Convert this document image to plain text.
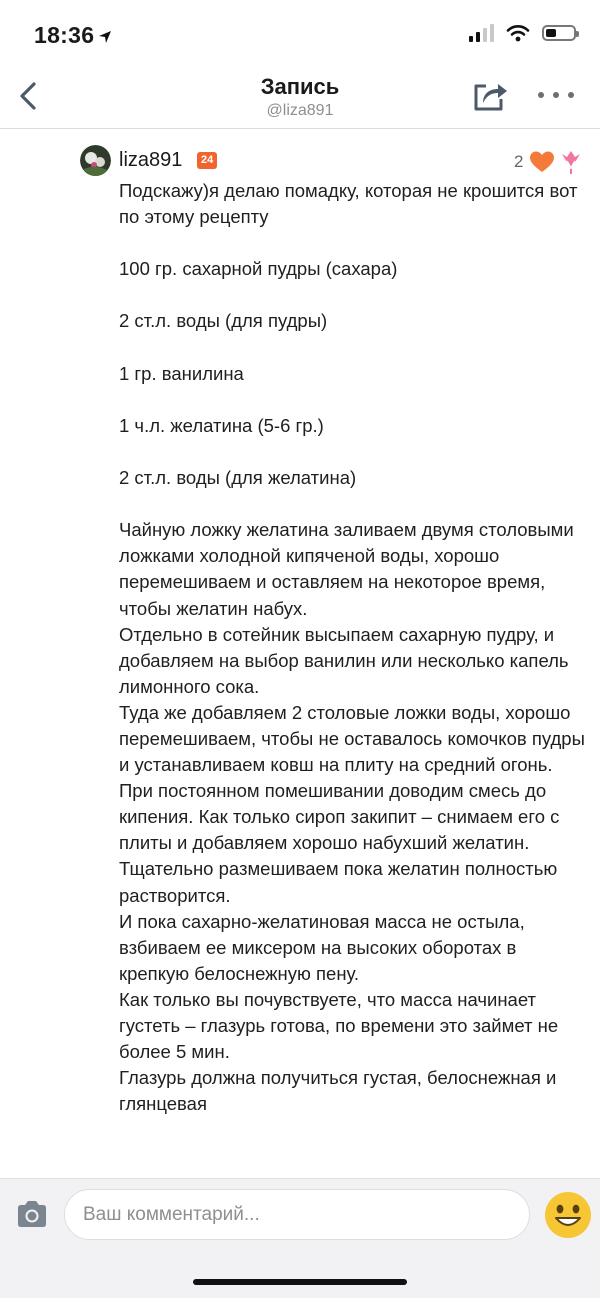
18:36
Запись
@liza891
liza891	24	2

Подскажу)я делаю помадку, которая не крошится вот по этому рецепту

100 гр. сахарной пудры (сахара)

2 ст.л. воды (для пудры)

1 гр. ванилина

1 ч.л. желатина (5-6 гр.)

2 ст.л. воды (для желатина)

Чайную ложку желатина заливаем двумя столовыми ложками холодной кипяченой воды, хорошо перемешиваем и оставляем на некоторое время, чтобы желатин набух.

Отдельно в сотейник высыпаем сахарную пудру, и добавляем на выбор ванилин или несколько капель лимонного сока.

Туда же добавляем 2 столовые ложки воды, хорошо перемешиваем, чтобы не оставалось комочков пудры и устанавливаем ковш на плиту на средний огонь.

При постоянном помешивании доводим смесь до кипения. Как только сироп закипит – снимаем его с плиты и добавляем хорошо набухший желатин.

Тщательно размешиваем пока желатин полностью растворится.

И пока сахарно-желатиновая масса не остыла, взбиваем ее миксером на высоких оборотах в крепкую белоснежную пену.

Как только вы почувствуете, что масса начинает густеть – глазурь готова, по времени это займет не более 5 мин.

Глазурь должна получиться густая, белоснежная и глянцевая

Ваш комментарий...
